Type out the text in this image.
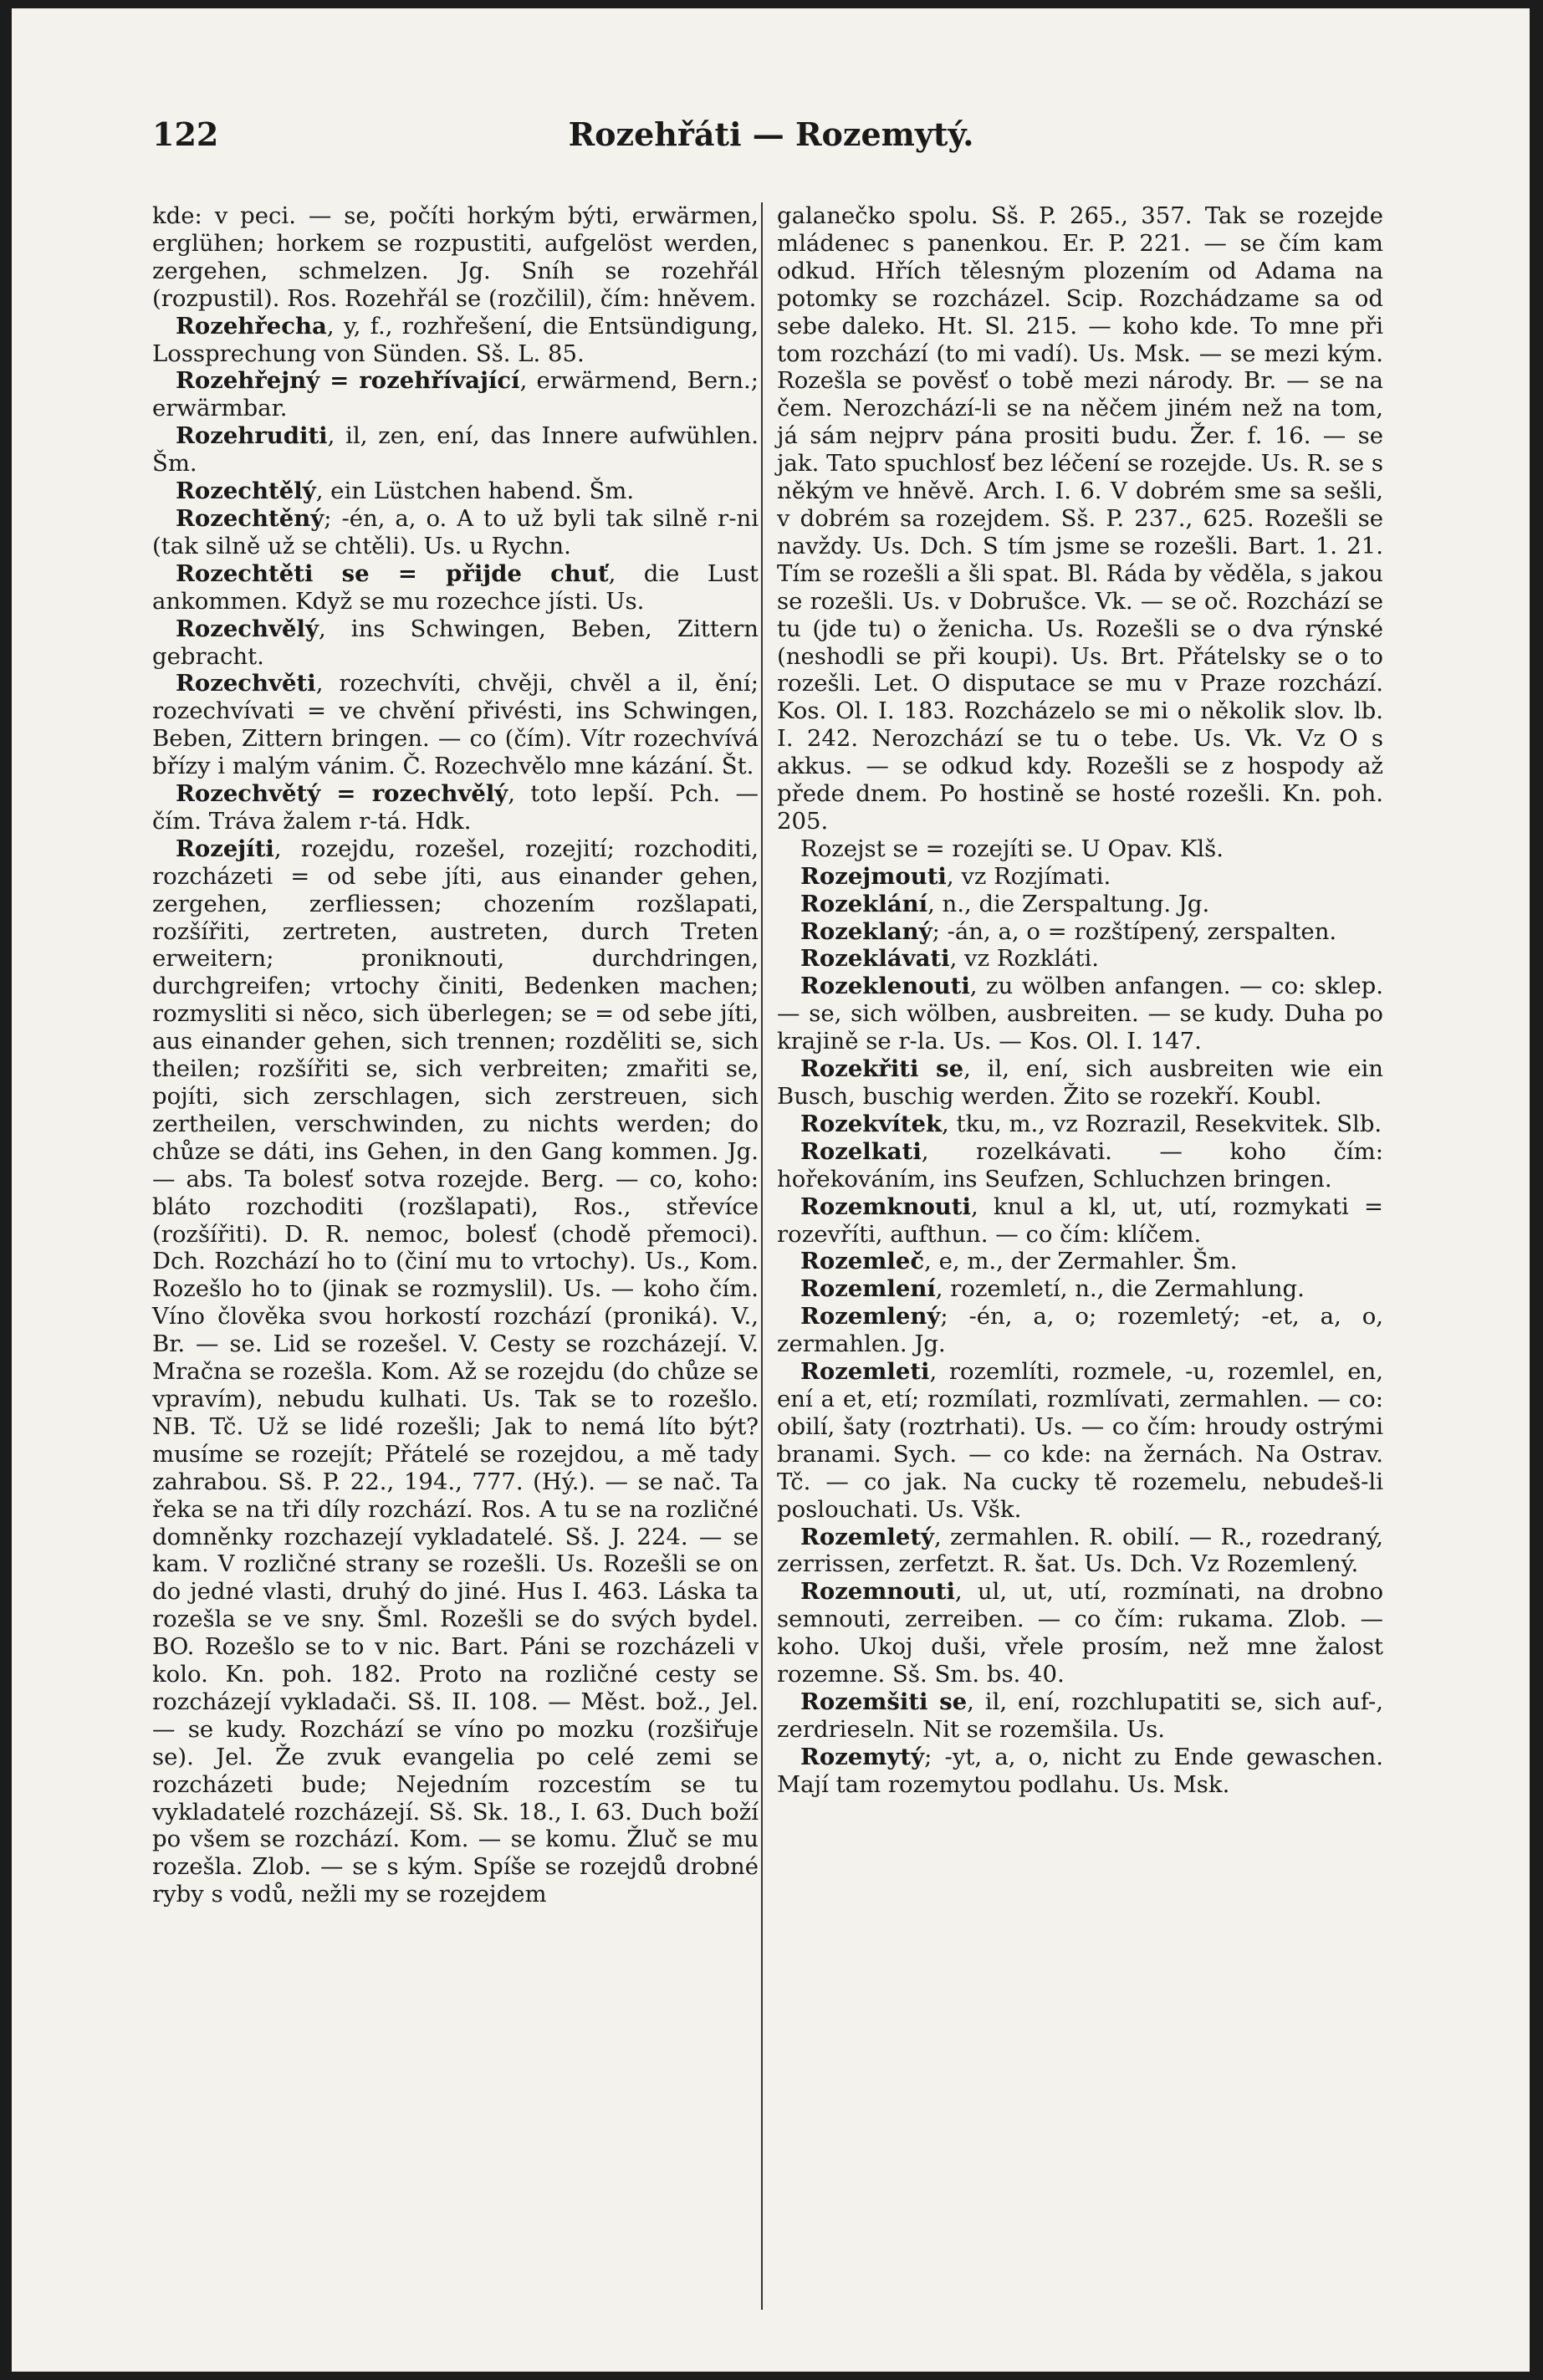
122	Rozehřáti — Rozemytý.

kde: v peci. — se, počíti horkým býti, erwärmen, erglühen; horkem se rozpustiti, aufgelöst werden, zergehen, schmelzen. Jg. Sníh se rozehřál (rozpustil). Ros. Rozehřál se (rozčilil), čím: hněvem.

Rozehřecha, y, f., rozhřešení, die Entsündigung, Lossprechung von Sünden. Sš. L. 85.

Rozehřejný = rozehřívající, erwärmend, Bern.; erwärmbar.

Rozehruditi, il, zen, ení, das Innere aufwühlen. Šm.

Rozechtělý, ein Lüstchen habend. Šm.

Rozechtěný; -én, a, o. A to už byli tak silně r-ni (tak silně už se chtěli). Us. u Rychn.

Rozechtěti se = přijde chuť, die Lust ankommen. Když se mu rozechce jísti. Us.

Rozechvělý, ins Schwingen, Beben, Zittern gebracht.

Rozechvěti, rozechvíti, chvěji, chvěl a il, ění; rozechvívati = ve chvění přivésti, ins Schwingen, Beben, Zittern bringen. — co (čím). Vítr rozechvívá břízy i malým vánim. Č. Rozechvělo mne kázání. Št.

Rozechvětý = rozechvělý, toto lepší. Pch. — čím. Tráva žalem r-tá. Hdk.

Rozejíti, rozejdu, rozešel, rozejití; rozchoditi, rozcházeti = od sebe jíti, aus einander gehen, zergehen, zerfliessen; chozením rozšlapati, rozšířiti, zertreten, austreten, durch Treten erweitern; proniknouti, durchdringen, durchgreifen; vrtochy činiti, Bedenken machen; rozmysliti si něco, sich überlegen; se = od sebe jíti, aus einander gehen, sich trennen; rozděliti se, sich theilen; rozšířiti se, sich verbreiten; zmařiti se, pojíti, sich zerschlagen, sich zerstreuen, sich zertheilen, verschwinden, zu nichts werden; do chůze se dáti, ins Gehen, in den Gang kommen. Jg. — abs. Ta bolesť sotva rozejde. Berg. — co, koho: bláto rozchoditi (rozšlapati), Ros., střevíce (rozšířiti). D. R. nemoc, bolesť (chodě přemoci). Dch. Rozchází ho to (činí mu to vrtochy). Us., Kom. Rozešlo ho to (jinak se rozmyslil). Us. — koho čím. Víno člověka svou horkostí rozchází (proniká). V., Br. — se. Lid se rozešel. V. Cesty se rozcházejí. V. Mračna se rozešla. Kom. Až se rozejdu (do chůze se vpravím), nebudu kulhati. Us. Tak se to rozešlo. NB. Tč. Už se lidé rozešli; Jak to nemá líto být? musíme se rozejít; Přátelé se rozejdou, a mě tady zahrabou. Sš. P. 22., 194., 777. (Hý.). — se nač. Ta řeka se na tři díly rozchází. Ros. A tu se na rozličné domněnky rozchazejí vykladatelé. Sš. J. 224. — se kam. V rozličné strany se rozešli. Us. Rozešli se on do jedné vlasti, druhý do jiné. Hus I. 463. Láska ta rozešla se ve sny. Šml. Rozešli se do svých bydel. BO. Rozešlo se to v nic. Bart. Páni se rozcházeli v kolo. Kn. poh. 182. Proto na rozličné cesty se rozcházejí vykladači. Sš. II. 108. — Měst. bož., Jel. — se kudy. Rozchází se víno po mozku (rozšiřuje se). Jel. Že zvuk evangelia po celé zemi se rozcházeti bude; Nejedním rozcestím se tu vykladatelé rozcházejí. Sš. Sk. 18., I. 63. Duch boží po všem se rozchází. Kom. — se komu. Žluč se mu rozešla. Zlob. — se s kým. Spíše se rozejdů drobné ryby s vodů, nežli my se rozejdem

galanečko spolu. Sš. P. 265., 357. Tak se rozejde mládenec s panenkou. Er. P. 221. — se čím kam odkud. Hřích tělesným plozením od Adama na potomky se rozcházel. Scip. Rozchádzame sa od sebe daleko. Ht. Sl. 215. — koho kde. To mne při tom rozchází (to mi vadí). Us. Msk. — se mezi kým. Rozešla se pověsť o tobě mezi národy. Br. — se na čem. Nerozchází-li se na něčem jiném než na tom, já sám nejprv pána prositi budu. Žer. f. 16. — se jak. Tato spuchlosť bez léčení se rozejde. Us. R. se s někým ve hněvě. Arch. I. 6. V dobrém sme sa sešli, v dobrém sa rozejdem. Sš. P. 237., 625. Rozešli se navždy. Us. Dch. S tím jsme se rozešli. Bart. 1. 21. Tím se rozešli a šli spat. Bl. Ráda by věděla, s jakou se rozešli. Us. v Dobrušce. Vk. — se oč. Rozchází se tu (jde tu) o ženicha. Us. Rozešli se o dva rýnské (neshodli se při koupi). Us. Brt. Přátelsky se o to rozešli. Let. O disputace se mu v Praze rozchází. Kos. Ol. I. 183. Rozcházelo se mi o několik slov. lb. I. 242. Nerozchází se tu o tebe. Us. Vk. Vz O s akkus. — se odkud kdy. Rozešli se z hospody až přede dnem. Po hostině se hosté rozešli. Kn. poh. 205.

Rozejst se = rozejíti se. U Opav. Klš.

Rozejmouti, vz Rozjímati.

Rozeklání, n., die Zerspaltung. Jg.

Rozeklaný; -án, a, o = rozštípený, zerspalten.

Rozeklávati, vz Rozkláti.

Rozeklenouti, zu wölben anfangen. — co: sklep. — se, sich wölben, ausbreiten. — se kudy. Duha po krajině se r-la. Us. — Kos. Ol. I. 147.

Rozekřiti se, il, ení, sich ausbreiten wie ein Busch, buschig werden. Žito se rozekří. Koubl.

Rozekvítek, tku, m., vz Rozrazil, Resekvitek. Slb.

Rozelkati, rozelkávati. — koho čím: hořekováním, ins Seufzen, Schluchzen bringen.

Rozemknouti, knul a kl, ut, utí, rozmykati = rozevříti, aufthun. — co čím: klíčem.

Rozemleč, e, m., der Zermahler. Šm.

Rozemlení, rozemletí, n., die Zermahlung.

Rozemlený; -én, a, o; rozemletý; -et, a, o, zermahlen. Jg.

Rozemleti, rozemlíti, rozmele, -u, rozemlel, en, ení a et, etí; rozmílati, rozmlívati, zermahlen. — co: obilí, šaty (roztrhati). Us. — co čím: hroudy ostrými branami. Sych. — co kde: na žernách. Na Ostrav. Tč. — co jak. Na cucky tě rozemelu, nebudeš-li poslouchati. Us. Všk.

Rozemletý, zermahlen. R. obilí. — R., rozedraný, zerrissen, zerfetzt. R. šat. Us. Dch. Vz Rozemlený.

Rozemnouti, ul, ut, utí, rozmínati, na drobno semnouti, zerreiben. — co čím: rukama. Zlob. — koho. Ukoj duši, vřele prosím, než mne žalost rozemne. Sš. Sm. bs. 40.

Rozemšiti se, il, ení, rozchlupatiti se, sich auf-, zerdrieseln. Nit se rozemšila. Us.

Rozemytý; -yt, a, o, nicht zu Ende gewaschen. Mají tam rozemytou podlahu. Us. Msk.
